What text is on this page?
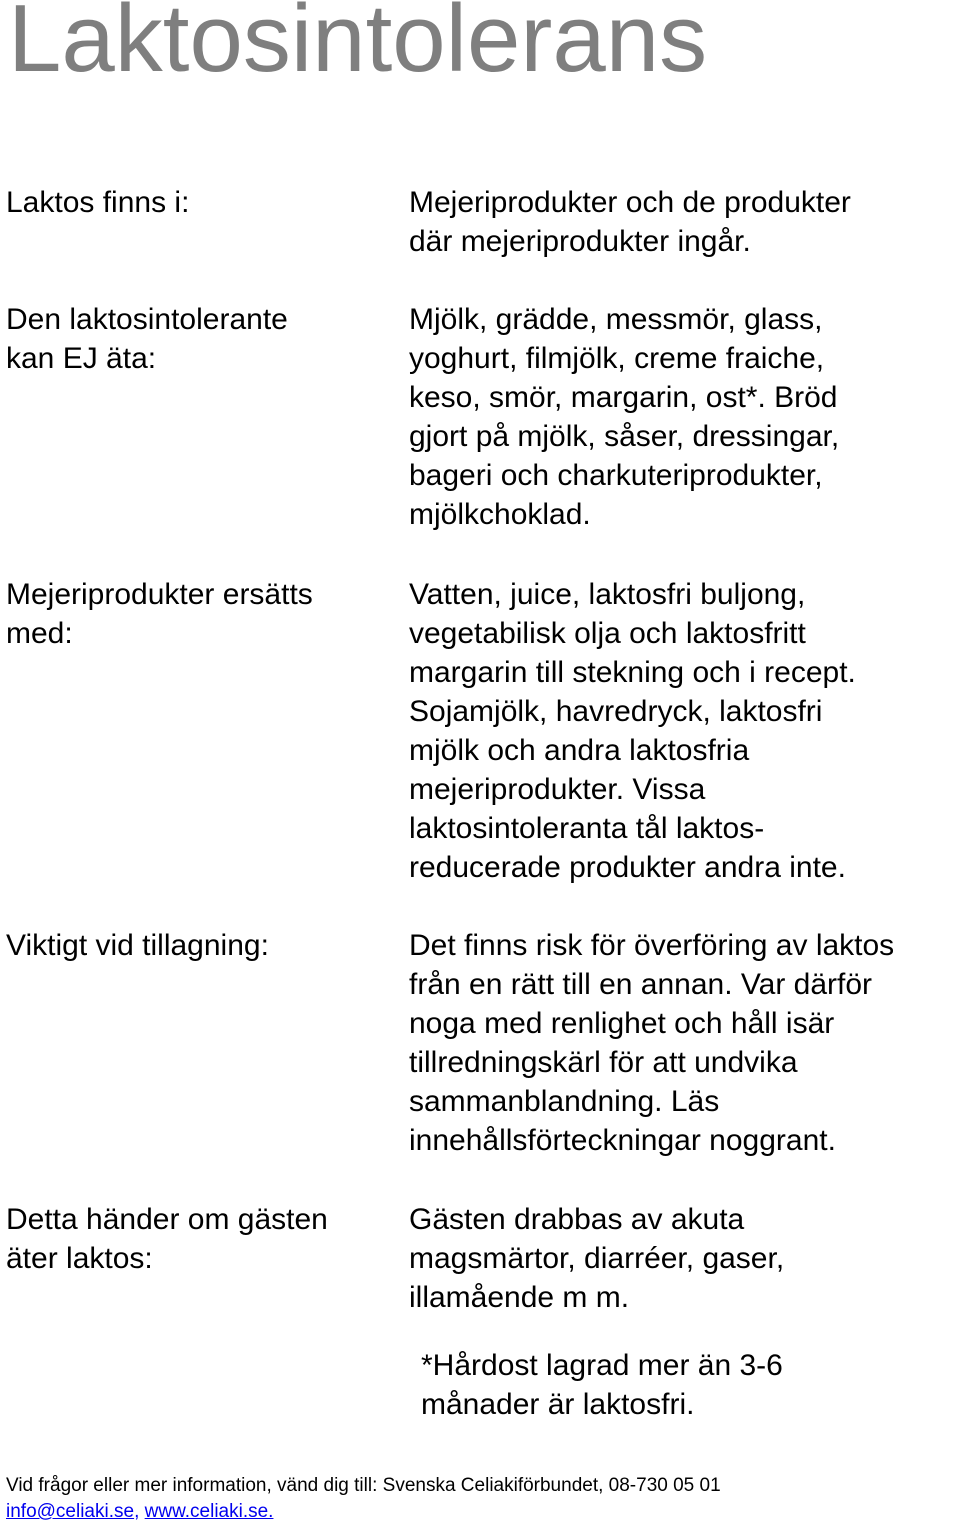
Laktosintolerans
Laktos finns i:	Mejeriprodukter och de produkter
där mejeriprodukter ingår.
Den laktosintolerante
kan EJ äta:
Mjölk, grädde, messmör, glass,
yoghurt, filmjölk, creme fraiche,
keso, smör, margarin, ost*. Bröd
gjort på mjölk, såser, dressingar,
bageri och charkuteriprodukter,
mjölkchoklad.
Mejeriprodukter ersätts
med:
Vatten, juice, laktosfri buljong,
vegetabilisk olja och laktosfritt
margarin till stekning och i recept.
Sojamjölk, havredryck, laktosfri
mjölk och andra laktosfria
mejeriprodukter. Vissa
laktosintoleranta tål laktos-
reducerade produkter andra inte.
Viktigt vid tillagning:	Det finns risk för överföring av laktos
från en rätt till en annan. Var därför
noga med renlighet och håll isär
tillredningskärl för att undvika
sammanblandning. Läs
innehållsförteckningar noggrant.
Detta händer om gästen
äter laktos:
Gästen drabbas av akuta
magsmärtor, diarréer, gaser,
illamående m m.
*Hårdost lagrad mer än 3-6
månader är laktosfri.
Vid frågor eller mer information, vänd dig till: Svenska Celiakiförbundet, 08-730 05 01
info@celiaki.se, www.celiaki.se.
